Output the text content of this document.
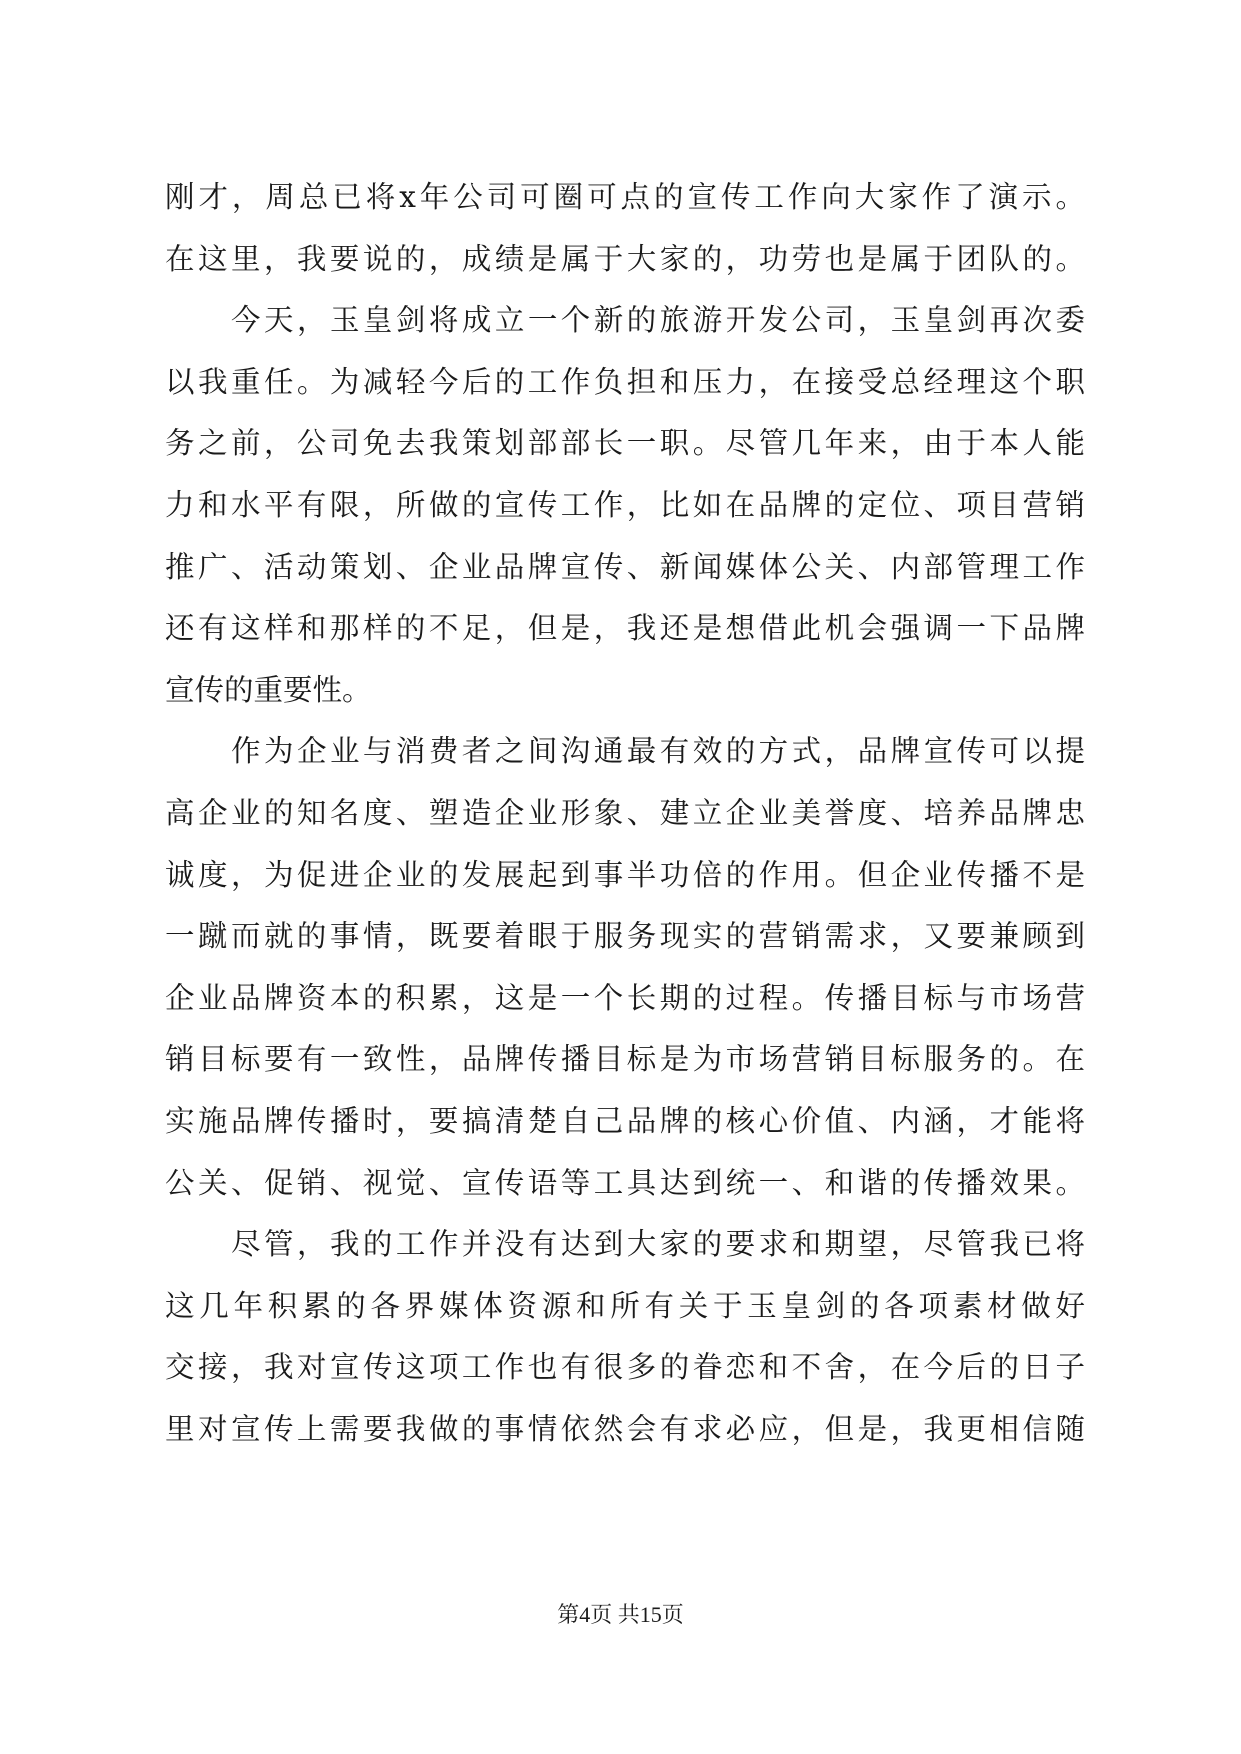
刚才，周总已将x年公司可圈可点的宣传工作向大家作了演示。
在这里，我要说的，成绩是属于大家的，功劳也是属于团队的。
今天，玉皇剑将成立一个新的旅游开发公司，玉皇剑再次委
以我重任。为减轻今后的工作负担和压力，在接受总经理这个职
务之前，公司免去我策划部部长一职。尽管几年来，由于本人能
力和水平有限，所做的宣传工作，比如在品牌的定位、项目营销
推广、活动策划、企业品牌宣传、新闻媒体公关、内部管理工作
还有这样和那样的不足，但是，我还是想借此机会强调一下品牌
宣传的重要性。
作为企业与消费者之间沟通最有效的方式，品牌宣传可以提
高企业的知名度、塑造企业形象、建立企业美誉度、培养品牌忠
诚度，为促进企业的发展起到事半功倍的作用。但企业传播不是
一蹴而就的事情，既要着眼于服务现实的营销需求，又要兼顾到
企业品牌资本的积累，这是一个长期的过程。传播目标与市场营
销目标要有一致性，品牌传播目标是为市场营销目标服务的。在
实施品牌传播时，要搞清楚自己品牌的核心价值、内涵，才能将
公关、促销、视觉、宣传语等工具达到统一、和谐的传播效果。
尽管，我的工作并没有达到大家的要求和期望，尽管我已将
这几年积累的各界媒体资源和所有关于玉皇剑的各项素材做好
交接，我对宣传这项工作也有很多的眷恋和不舍，在今后的日子
里对宣传上需要我做的事情依然会有求必应，但是，我更相信随
第4页 共15页
